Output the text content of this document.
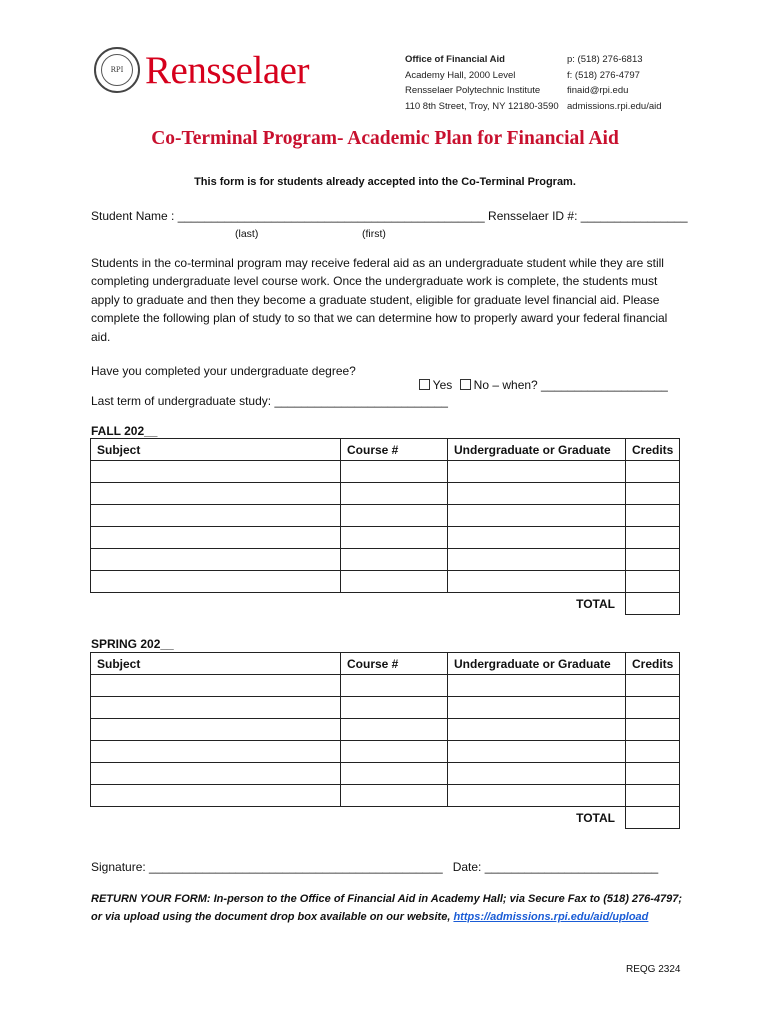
RPI Rensselaer	Office of Financial Aid
Academy Hall, 2000 Level
Rensselaer Polytechnic Institute
110 8th Street, Troy, NY 12180-3590
p: (518) 276-6813
f: (518) 276-4797
finaid@rpi.edu
admissions.rpi.edu/aid
Co-Terminal Program- Academic Plan for Financial Aid
This form is for students already accepted into the Co-Terminal Program.
Student Name : ______________________________________________ Rensselaer ID #: ________________
(last)	(first)
Students in the co-terminal program may receive federal aid as an undergraduate student while they are still completing undergraduate level course work. Once the undergraduate work is complete, the students must apply to graduate and then they become a graduate student, eligible for graduate level financial aid. Please complete the following plan of study to so that we can determine how to properly award your federal financial aid.
Have you completed your undergraduate degree?

Yes	No – when? ___________________

Last term of undergraduate study: __________________________
FALL 202__
Subject	Course #	Undergraduate or Graduate	Credits

		TOTAL	
SPRING 202__
Subject	Course #	Undergraduate or Graduate	Credits

		TOTAL	
Signature: ____________________________________________   Date: __________________________
RETURN YOUR FORM: In-person to the Office of Financial Aid in Academy Hall; via Secure Fax to (518) 276-4797;
or via upload using the document drop box available on our website, https://admissions.rpi.edu/aid/upload
REQG 2324
